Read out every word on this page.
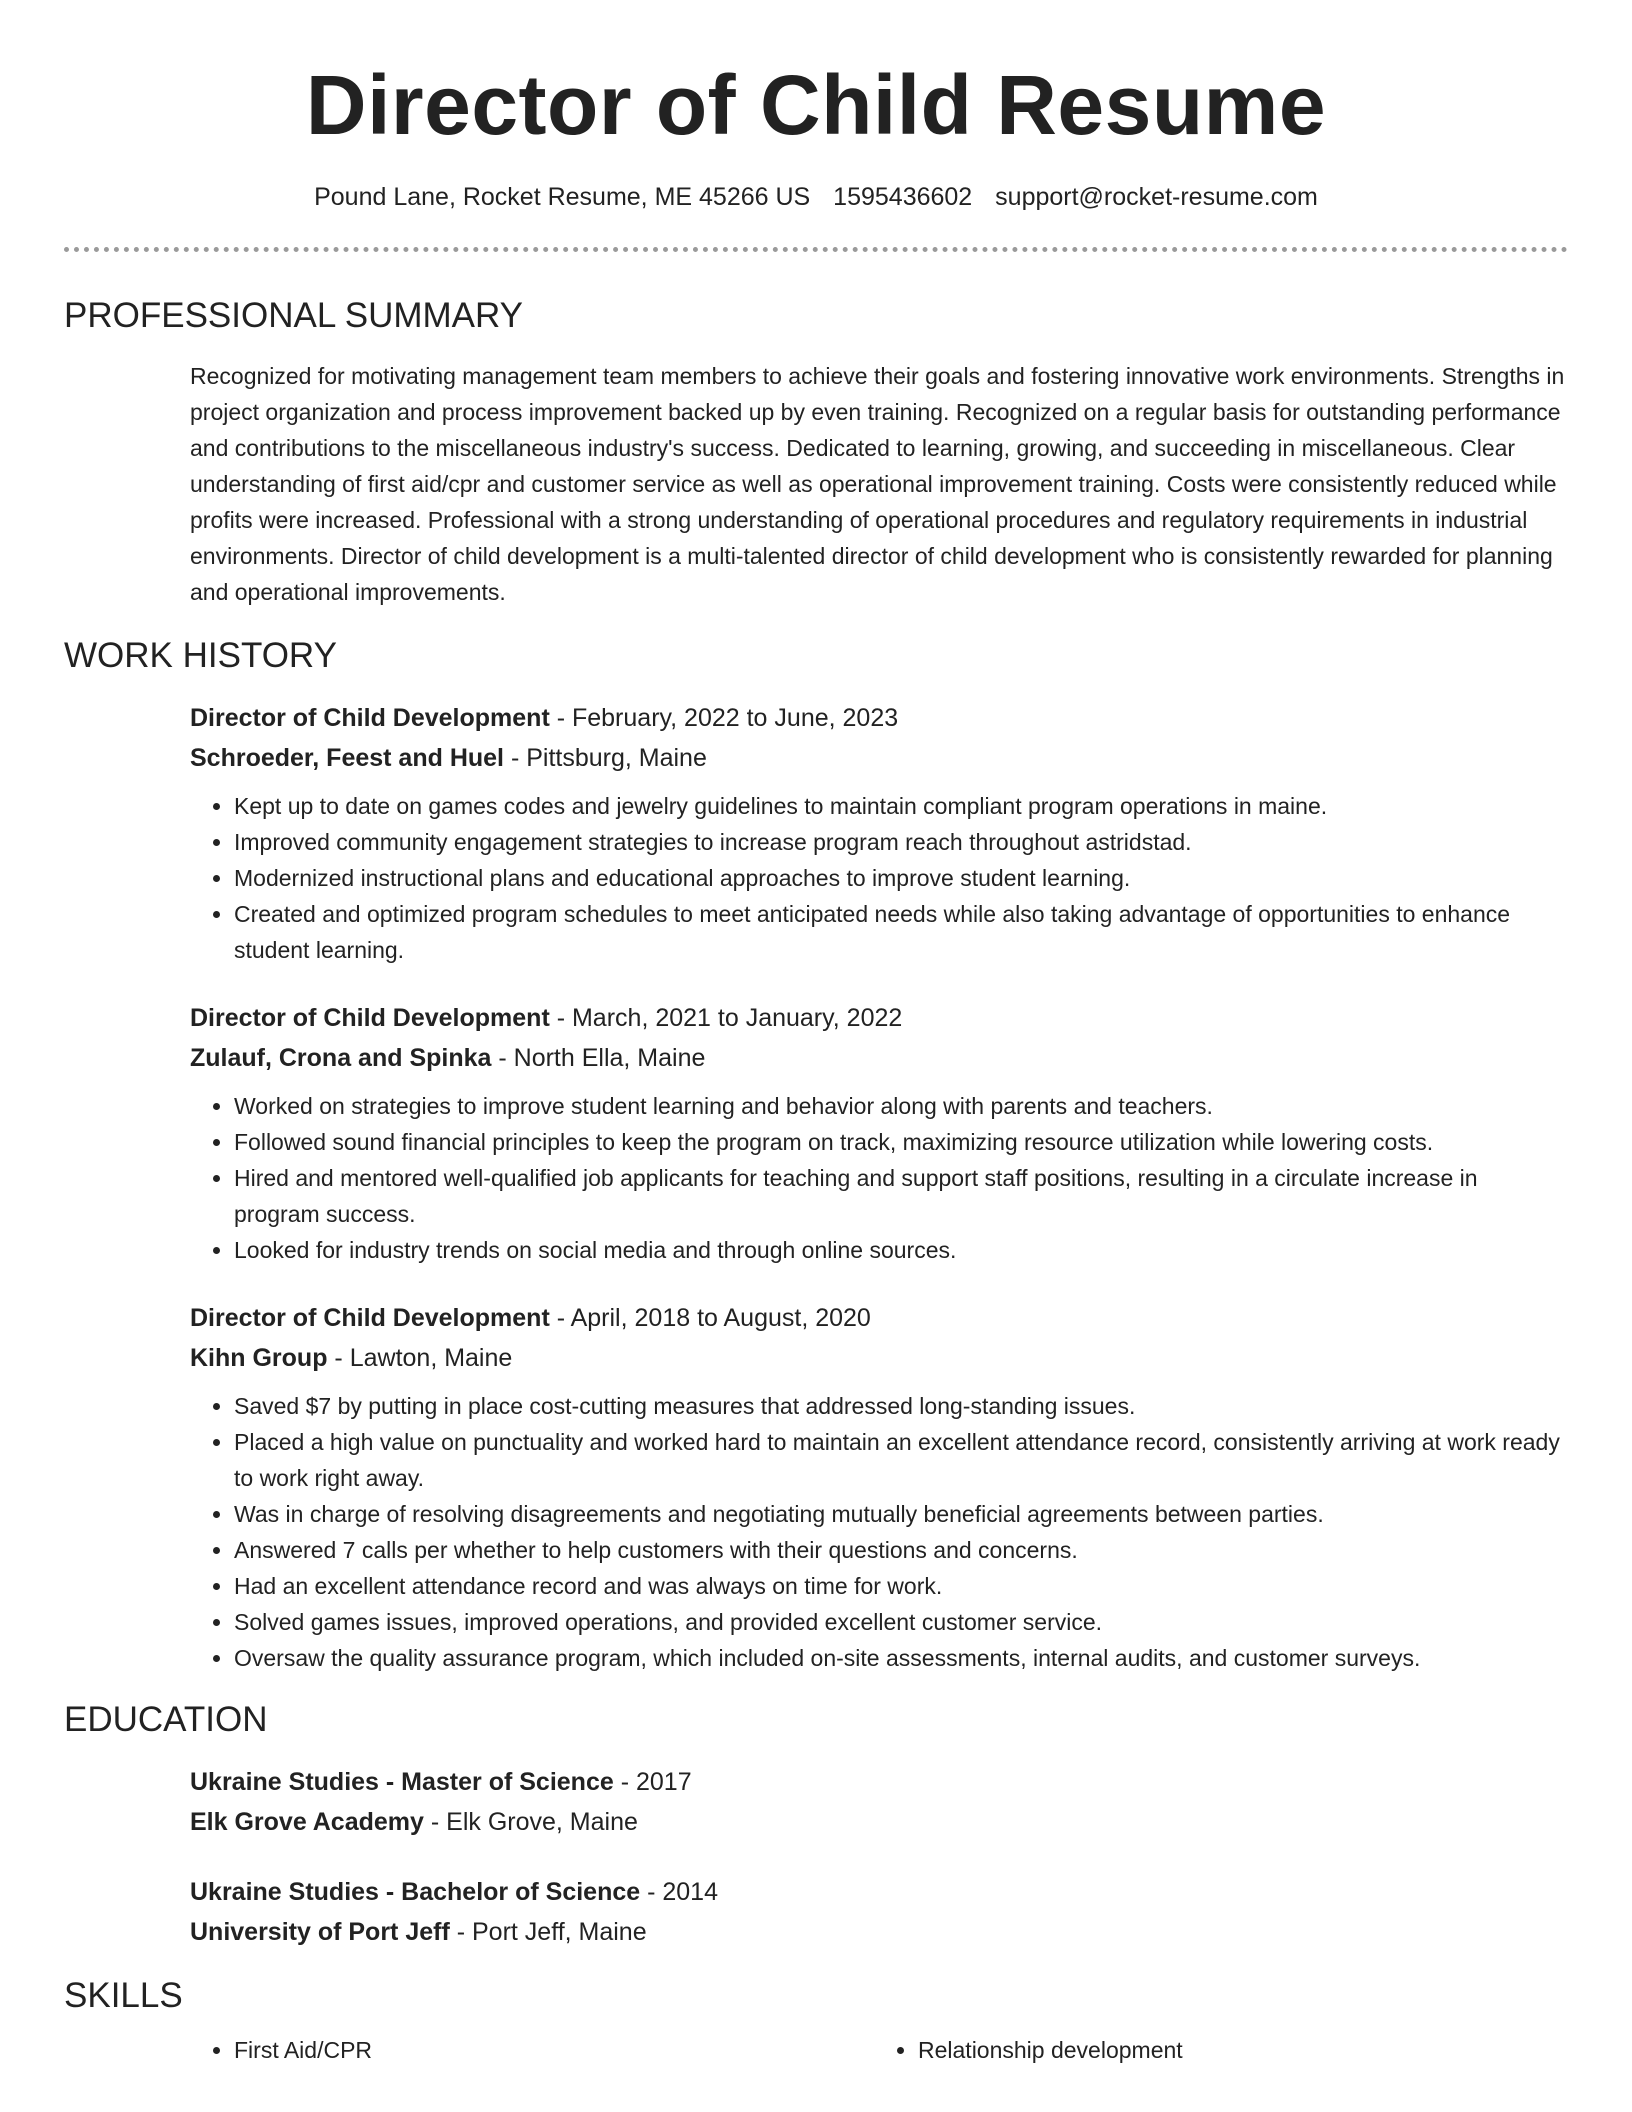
Director of Child Resume
Pound Lane, Rocket Resume, ME 45266 US 1595436602 support@rocket-resume.com
PROFESSIONAL SUMMARY

Recognized for motivating management team members to achieve their goals and fostering innovative work environments. Strengths in project organization and process improvement backed up by even training. Recognized on a regular basis for outstanding performance and contributions to the miscellaneous industry's success. Dedicated to learning, growing, and succeeding in miscellaneous. Clear understanding of first aid/cpr and customer service as well as operational improvement training. Costs were consistently reduced while profits were increased. Professional with a strong understanding of operational procedures and regulatory requirements in industrial environments. Director of child development is a multi-talented director of child development who is consistently rewarded for planning and operational improvements.

WORK HISTORY

Director of Child Development - February, 2022 to June, 2023

Schroeder, Feest and Huel - Pittsburg, Maine

• Kept up to date on games codes and jewelry guidelines to maintain compliant program operations in maine.
• Improved community engagement strategies to increase program reach throughout astridstad.
• Modernized instructional plans and educational approaches to improve student learning.
• Created and optimized program schedules to meet anticipated needs while also taking advantage of opportunities to enhance student learning.

Director of Child Development - March, 2021 to January, 2022

Zulauf, Crona and Spinka - North Ella, Maine

• Worked on strategies to improve student learning and behavior along with parents and teachers.
• Followed sound financial principles to keep the program on track, maximizing resource utilization while lowering costs.
• Hired and mentored well-qualified job applicants for teaching and support staff positions, resulting in a circulate increase in program success.
• Looked for industry trends on social media and through online sources.

Director of Child Development - April, 2018 to August, 2020

Kihn Group - Lawton, Maine

• Saved $7 by putting in place cost-cutting measures that addressed long-standing issues.
• Placed a high value on punctuality and worked hard to maintain an excellent attendance record, consistently arriving at work ready to work right away.
• Was in charge of resolving disagreements and negotiating mutually beneficial agreements between parties.
• Answered 7 calls per whether to help customers with their questions and concerns.
• Had an excellent attendance record and was always on time for work.
• Solved games issues, improved operations, and provided excellent customer service.
• Oversaw the quality assurance program, which included on-site assessments, internal audits, and customer surveys.
EDUCATION

Ukraine Studies - Master of Science - 2017

Elk Grove Academy - Elk Grove, Maine

Ukraine Studies - Bachelor of Science - 2014

University of Port Jeff - Port Jeff, Maine

SKILLS
• First Aid/CPR
•	Relationship development
